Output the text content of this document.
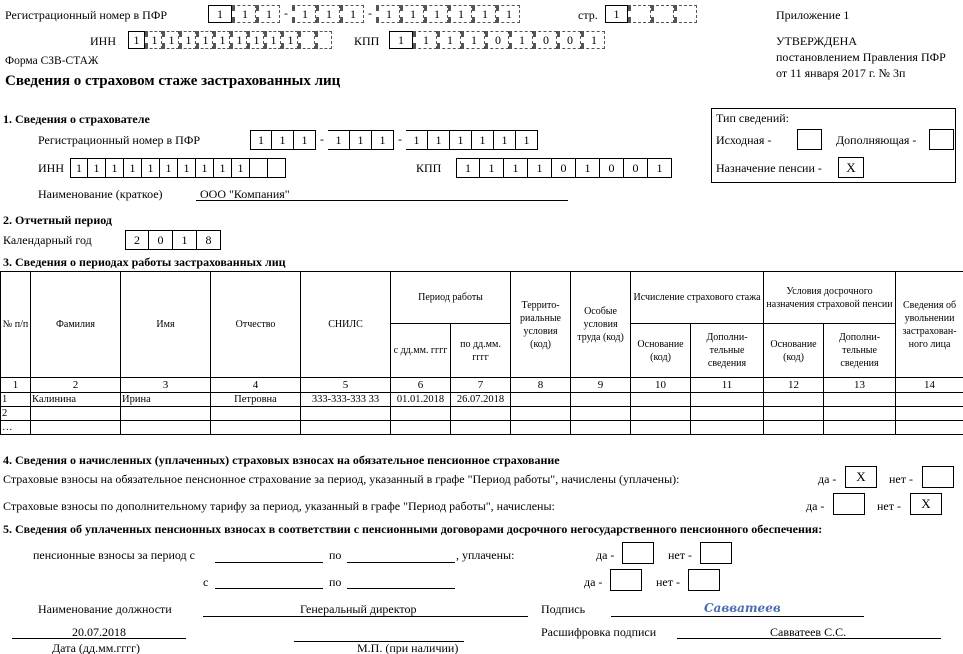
Регистрационный номер в ПФР	1	1	1	-	1	1	1	-	1	1	1	1	1	1	стр.	1
ИНН	1	1 1 1 1 1 1 1 1 1	КПП	1	1	1	1	0	1	0	0	1
Приложение 1
УТВЕРЖДЕНА
постановлением Правления ПФР
от 11 января 2017 г. № 3п
Форма СЗВ-СТАЖ
Сведения о страховом стаже застрахованных лиц
1. Сведения о страхователе
Регистрационный номер в ПФР	1	1	1	- 1	1	1	- 1	1	1	1	1	1
ИНН	1 1	1	1	1	1	1	1	1	1	КПП	1	1	1	1	0	1	0	0	1
Наименование (краткое)	ООО "Компания"
Тип сведений:
Исходная -	Дополняющая -
Назначение пенсии -	X
2. Отчетный период
Календарный год	2	0	1	8
3. Сведения о периодах работы застрахованных лиц
№ п/п	Фамилия	Имя	Отчество	СНИЛС	Период работы		Террито- риальные условия (код)	Особые условия труда (код)	Исчисление страхового стажа		Условия досрочного назначения страховой пенсии		Сведения об увольнении застрахован- ного лица
					с дд.мм. гггг	по дд.мм. гггг			Основание (код)	Дополни- тельные сведения	Основание (код)	Дополни- тельные сведения	
1	2	3	4	5	6	7	8	9	10	11	12	13	14
1	Калинина	Ирина	Петровна	333-333-333 33	01.01.2018	26.07.2018							
2													
…													
4. Сведения о начисленных (уплаченных) страховых взносах на обязательное пенсионное страхование
Страховые взносы на обязательное пенсионное страхование за период, указанный в графе "Период работы", начислены (уплачены):	да -	X	нет -
Страховые взносы по дополнительному тарифу за период, указанный в графе "Период работы", начислены:	да -	нет -	X
5. Сведения об уплаченных пенсионных взносах в соответствии с пенсионными договорами досрочного негосударственного пенсионного обеспечения:
пенсионные взносы за период с	по	, уплачены:	да -	нет -
с	по	да -	нет -
Наименование должности	Генеральный директор	Подпись	Савватеев
20.07.2018	Расшифровка подписи	Савватеев С.С.
Дата (дд.мм.гггг)	М.П. (при наличии)
